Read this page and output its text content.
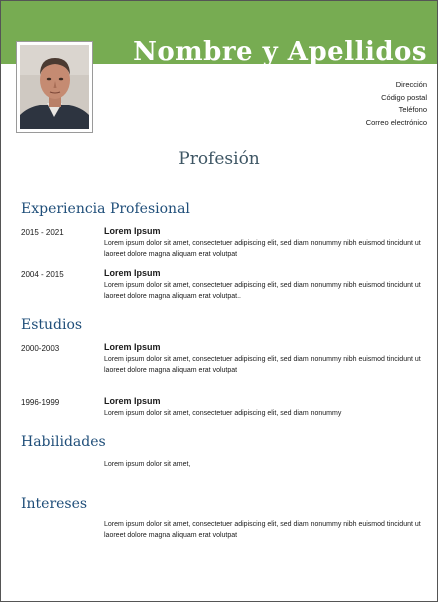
Nombre y Apellidos
Dirección
Código postal
Teléfono
Correo electrónico
Profesión
Experiencia Profesional
2015 - 2021	Lorem Ipsum
Lorem ipsum dolor sit amet, consectetuer adipiscing elit, sed diam nonummy nibh euismod tincidunt ut laoreet dolore magna aliquam erat volutpat
2004 - 2015	Lorem Ipsum
Lorem ipsum dolor sit amet, consectetuer adipiscing elit, sed diam nonummy nibh euismod tincidunt ut laoreet dolore magna aliquam erat volutpat..
Estudios
2000-2003	Lorem Ipsum
Lorem ipsum dolor sit amet, consectetuer adipiscing elit, sed diam nonummy nibh euismod tincidunt ut laoreet dolore magna aliquam erat volutpat
1996-1999	Lorem Ipsum
Lorem ipsum dolor sit amet, consectetuer adipiscing elit, sed diam nonummy
Habilidades
Lorem ipsum dolor sit amet,
Intereses
Lorem ipsum dolor sit amet, consectetuer adipiscing elit, sed diam nonummy nibh euismod tincidunt ut laoreet dolore magna aliquam erat volutpat
